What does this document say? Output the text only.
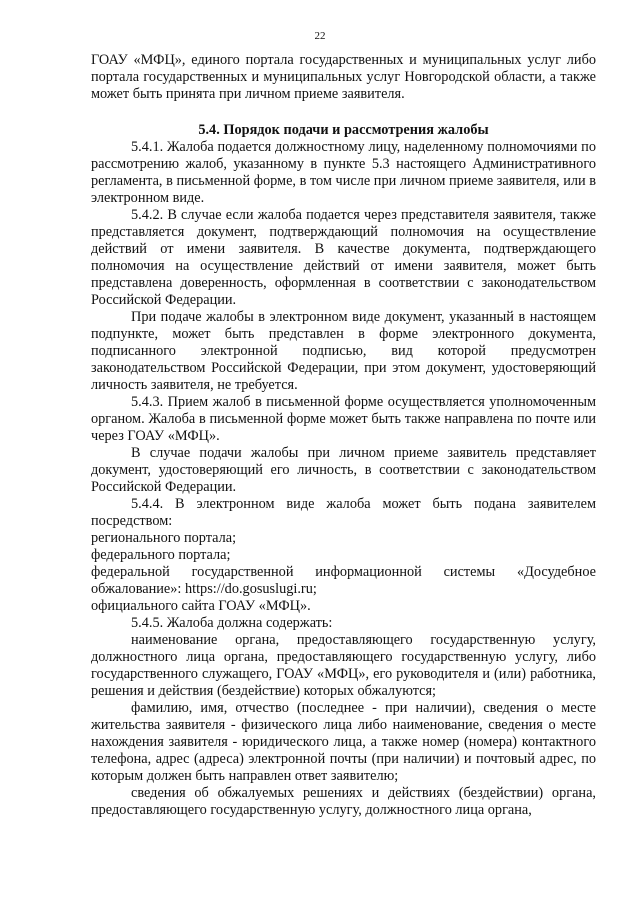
22

ГОАУ «МФЦ», единого портала государственных и муниципальных услуг либо портала государственных и муниципальных услуг Новгородской области, а также может быть принята при личном приеме заявителя.

5.4. Порядок подачи и рассмотрения жалобы

5.4.1. Жалоба подается должностному лицу, наделенному полномочиями по рассмотрению жалоб, указанному в пункте 5.3 настоящего Административного регламента, в письменной форме, в том числе при личном приеме заявителя, или в электронном виде.

5.4.2. В случае если жалоба подается через представителя заявителя, также представляется документ, подтверждающий полномочия на осуществление действий от имени заявителя. В качестве документа, подтверждающего полномочия на осуществление действий от имени заявителя, может быть представлена доверенность, оформленная в соответствии с законодательством Российской Федерации.

При подаче жалобы в электронном виде документ, указанный в настоящем подпункте, может быть представлен в форме электронного документа, подписанного электронной подписью, вид которой предусмотрен законодательством Российской Федерации, при этом документ, удостоверяющий личность заявителя, не требуется.

5.4.3. Прием жалоб в письменной форме осуществляется уполномоченным органом. Жалоба в письменной форме может быть также направлена по почте или через ГОАУ «МФЦ».

В случае подачи жалобы при личном приеме заявитель представляет документ, удостоверяющий его личность, в соответствии с законодательством Российской Федерации.

5.4.4. В электронном виде жалоба может быть подана заявителем посредством:

регионального портала;

федерального портала;

федеральной государственной информационной системы «Досудебное обжалование»: https://do.gosuslugi.ru;

официального сайта ГОАУ «МФЦ».

5.4.5. Жалоба должна содержать:

наименование органа, предоставляющего государственную услугу, должностного лица органа, предоставляющего государственную услугу, либо государственного служащего, ГОАУ «МФЦ», его руководителя и (или) работника, решения и действия (бездействие) которых обжалуются;

фамилию, имя, отчество (последнее - при наличии), сведения о месте жительства заявителя - физического лица либо наименование, сведения о месте нахождения заявителя - юридического лица, а также номер (номера) контактного телефона, адрес (адреса) электронной почты (при наличии) и почтовый адрес, по которым должен быть направлен ответ заявителю;

сведения об обжалуемых решениях и действиях (бездействии) органа, предоставляющего государственную услугу, должностного лица органа,
